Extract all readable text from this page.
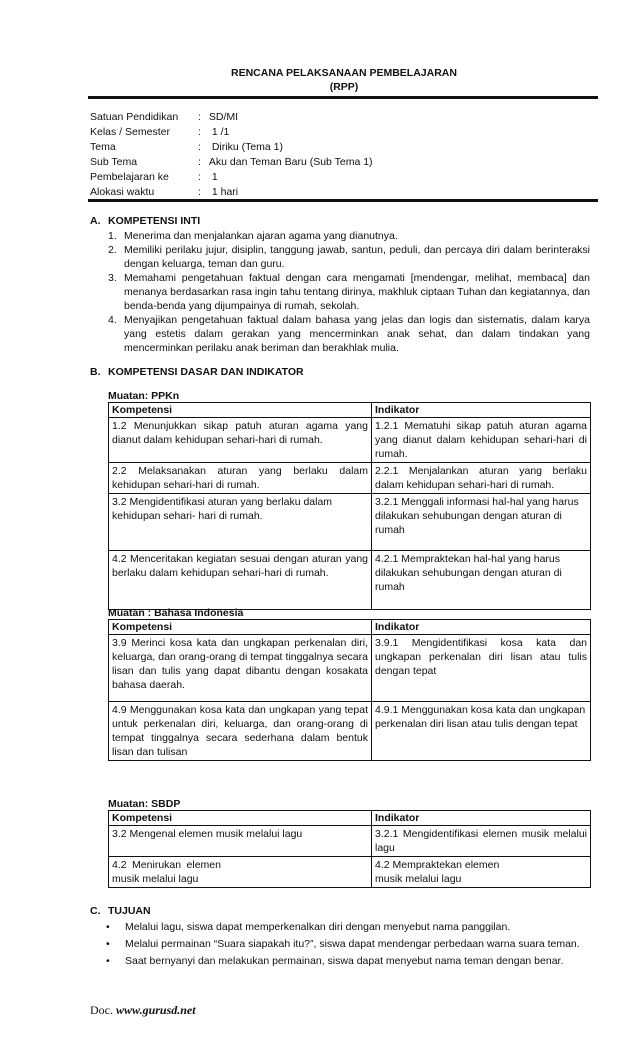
RENCANA PELAKSANAAN PEMBELAJARAN
(RPP)
Satuan Pendidikan : SD/MI
Kelas / Semester	: 1 /1
Tema	: Diriku (Tema 1)
Sub Tema	: Aku dan Teman Baru (Sub Tema 1)
Pembelajaran ke	: 1
Alokasi waktu	: 1 hari
A. KOMPETENSI INTI
1. Menerima dan menjalankan ajaran agama yang dianutnya.
2. Memiliki perilaku jujur, disiplin, tanggung jawab, santun, peduli, dan percaya diri dalam berinteraksi dengan keluarga, teman dan guru.
3. Memahami pengetahuan faktual dengan cara mengamati [mendengar, melihat, membaca] dan menanya berdasarkan rasa ingin tahu tentang dirinya, makhluk ciptaan Tuhan dan kegiatannya, dan benda-benda yang dijumpainya di rumah, sekolah.
4. Menyajikan pengetahuan faktual dalam bahasa yang jelas dan logis dan sistematis, dalam karya yang estetis dalam gerakan yang mencerminkan anak sehat, dan dalam tindakan yang mencerminkan perilaku anak beriman dan berakhlak mulia.
B. KOMPETENSI DASAR DAN INDIKATOR
Muatan: PPKn
Kompetensi	Indikator
1.2 Menunjukkan sikap patuh aturan agama yang dianut dalam kehidupan sehari-hari di rumah.	1.2.1 Mematuhi sikap patuh aturan agama yang dianut dalam kehidupan sehari-hari di rumah.
2.2 Melaksanakan aturan yang berlaku dalam kehidupan sehari-hari di rumah.	2.2.1 Menjalankan aturan yang berlaku dalam kehidupan sehari-hari di rumah.
3.2 Mengidentifikasi aturan yang berlaku dalam kehidupan sehari- hari di rumah.	3.2.1 Menggali informasi hal-hal yang harus dilakukan sehubungan dengan aturan di rumah
4.2 Menceritakan kegiatan sesuai dengan aturan yang berlaku dalam kehidupan sehari-hari di rumah.	4.2.1 Mempraktekan hal-hal yang harus dilakukan sehubungan dengan aturan di rumah
Muatan : Bahasa Indonesia
Kompetensi	Indikator
3.9 Merinci kosa kata dan ungkapan perkenalan diri, keluarga, dan orang-orang di tempat tinggalnya secara lisan dan tulis yang dapat dibantu dengan kosakata bahasa daerah.	3.9.1 Mengidentifikasi kosa kata dan ungkapan perkenalan diri lisan atau tulis dengan tepat
4.9 Menggunakan kosa kata dan ungkapan yang tepat untuk perkenalan diri, keluarga, dan orang-orang di tempat tinggalnya secara sederhana dalam bentuk lisan dan tulisan	4.9.1 Menggunakan kosa kata dan ungkapan perkenalan diri lisan atau tulis dengan tepat
Muatan: SBDP
Kompetensi	Indikator
3.2 Mengenal elemen musik melalui lagu	3.2.1 Mengidentifikasi elemen musik melalui lagu
4.2 Menirukan elemen musik melalui lagu	4.2 Mempraktekan elemen musik melalui lagu
C. TUJUAN
• Melalui lagu, siswa dapat memperkenalkan diri dengan menyebut nama panggilan.
• Melalui permainan “Suara siapakah itu?”, siswa dapat mendengar perbedaan warna suara teman.
• Saat bernyanyi dan melakukan permainan, siswa dapat menyebut nama teman dengan benar.
Doc. www.gurusd.net
